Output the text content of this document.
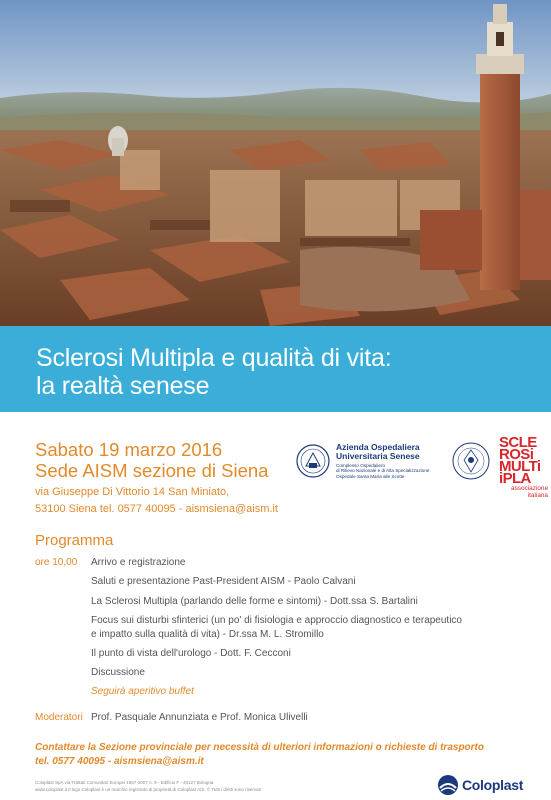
Sclerosi Multipla e qualità di vita:
la realtà senese
Sabato 19 marzo 2016
Sede AISM sezione di Siena
via Giuseppe Di Vittorio 14 San Miniato,
53100 Siena tel. 0577 40095 - aismsiena@aism.it
Azienda Ospedaliera
Universitaria Senese
Complesso Ospedaliero
di Rilievo Nazionale e di Alta Specializzazione
Ospedale Santa Maria alle Scotte
SCLE
ROSi
MULTi
iPLA
associazione
italiana
Programma
ore 10,00 Arrivo e registrazione
Saluti e presentazione Past-President AISM - Paolo Calvani
La Sclerosi Multipla (parlando delle forme e sintomi) - Dott.ssa S. Bartalini
Focus sui disturbi sfinterici (un po' di fisiologia e approccio diagnostico e terapeutico
e impatto sulla qualità di vita) - Dr.ssa M. L. Stromillo
Il punto di vista dell'urologo - Dott. F. Cecconi
Discussione
Seguirà aperitivo buffet
Moderatori Prof. Pasquale Annunziata e Prof. Monica Ulivelli
Contattare la Sezione provinciale per necessità di ulteriori informazioni o richieste di trasporto
tel. 0577 40095 - aismsiena@aism.it
Coloplast SpA via Trattati Comunitari Europei 1957-2007 n. 9 - Edificio F - 40127 Bologna
www.coloplast.it Il logo Coloplast è un marchio registrato di proprietà di Coloplast A/S. © Tutti i diritti sono riservati	Coloplast
